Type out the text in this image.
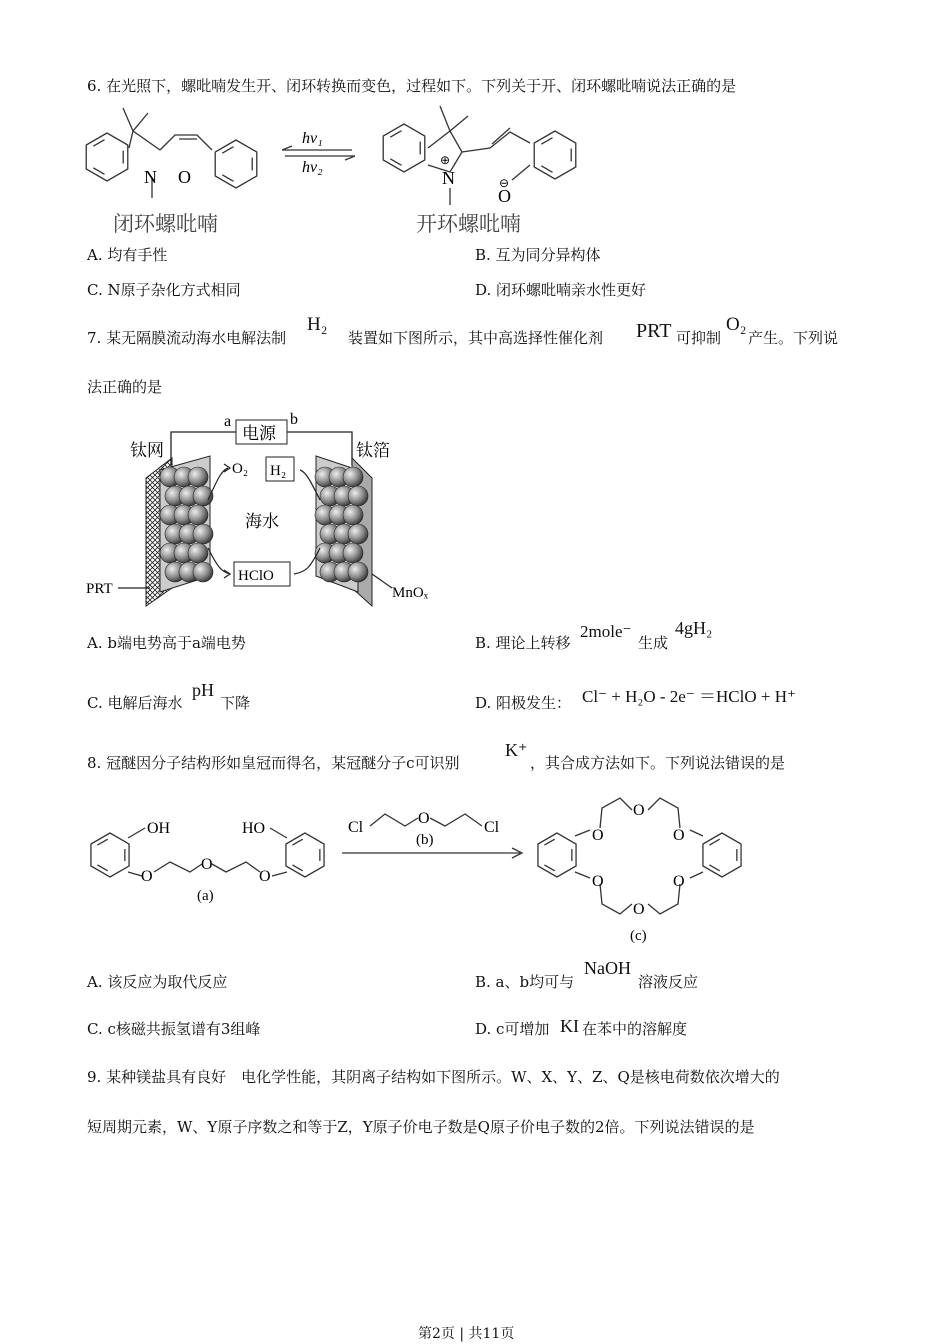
6. 在光照下，螺吡喃发生开、闭环转换而变色，过程如下。下列关于开、闭环螺吡喃说法正确的是
N O
hν₁
hν₂
N
⊕
⊖
O
闭环螺吡喃	开环螺吡喃
A. 均有手性	B. 互为同分异构体
C. N原子杂化方式相同	D. 闭环螺吡喃亲水性更好
7. 某无隔膜流动海水电解法制
H₂
装置如下图所示，其中高选择性催化剂 PRT 可抑制
O₂
产生。下列说
法正确的是
a	b
电源
钛网	钛箔
O₂ H₂
海水
HClO
PRT	MnOₓ
A. b端电势高于a端电势	B. 理论上转移
2mole⁻
生成
4gH₂
C. 电解后海水
pH
下降	D. 阳极发生： Cl⁻ + H₂O - 2e⁻ ＝HClO + H⁺
8. 冠醚因分子结构形如皇冠而得名，某冠醚分子c可识别
K⁺
，其合成方法如下。下列说法错误的是
OH	HO
O
O
O
(a)
Cl
O
Cl
(b)	O
O
O
O
O
O
(c)
A. 该反应为取代反应	B. a、b均可与
NaOH
溶液反应
C. c核磁共振氢谱有3组峰	D. c可增加 KI 在苯中的溶解度
9. 某种镁盐具有良好　电化学性能，其阴离子结构如下图所示。W、X、Y、Z、Q是核电荷数依次增大的
短周期元素，W、Y原子序数之和等于Z，Y原子价电子数是Q原子价电子数的2倍。下列说法错误的是
第2页 | 共11页
